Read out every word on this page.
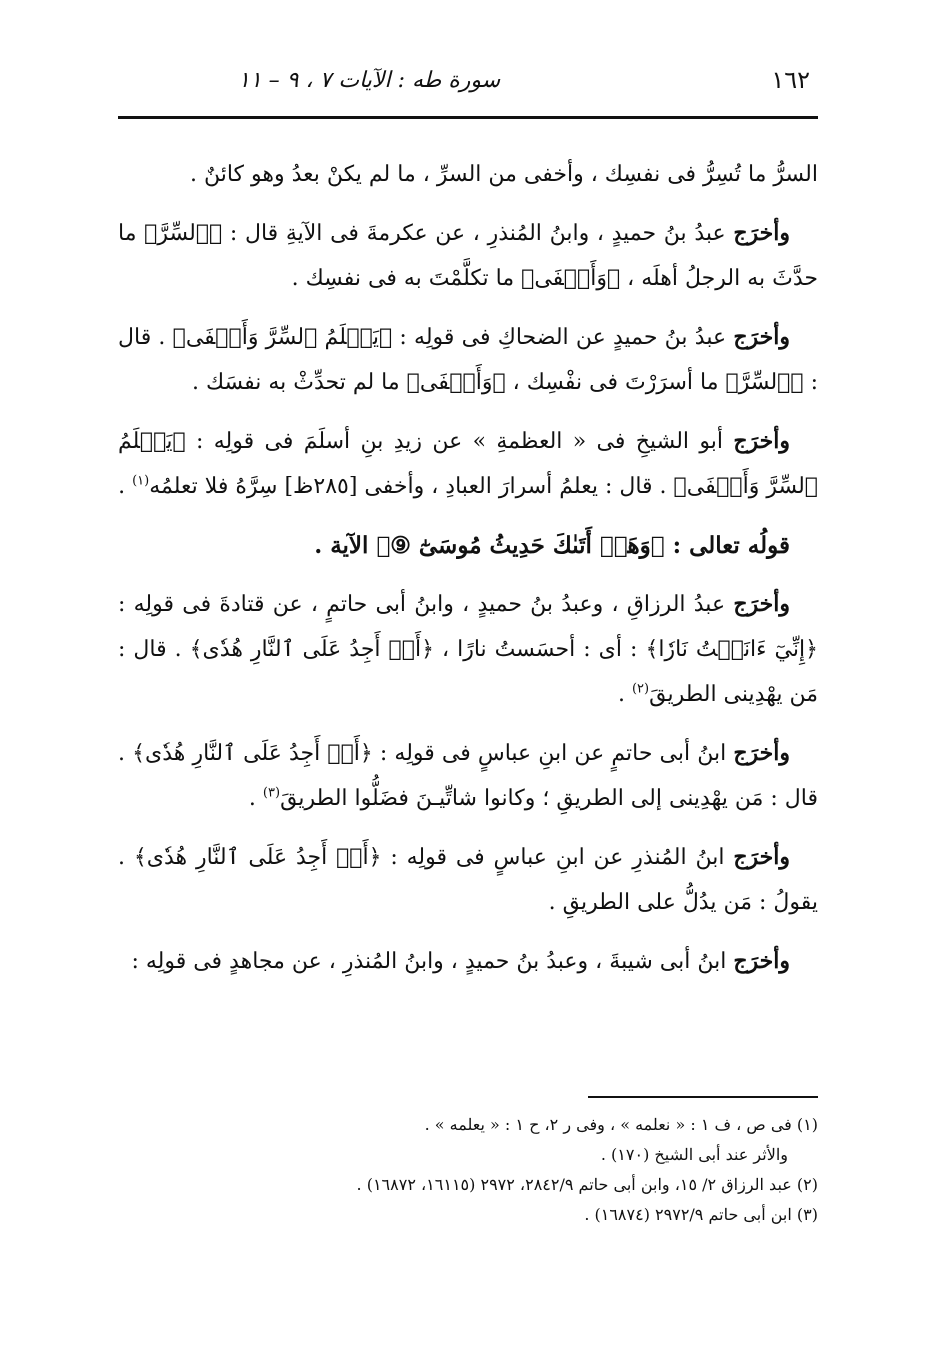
١٦٢
سورة طه : الآيات ٧ ، ٩ – ١١

السرُّ ما تُسِرُّ فى نفسِك ، وأخفى من السرِّ ، ما لم يكنْ بعدُ وهو كائنٌ .

وأخرَج عبدُ بنُ حميدٍ ، وابنُ المُنذرِ ، عن عكرمةَ فى الآيةِ قال : ﴿ٱلسِّرَّ﴾ ما حدَّثَ به الرجلُ أهلَه ، ﴿وَأَخۡفَى﴾ ما تكلَّمْتَ به فى نفسِك .

وأخرَج عبدُ بنُ حميدٍ عن الضحاكِ فى قولِه : ﴿يَعۡلَمُ ٱلسِّرَّ وَأَخۡفَى﴾ . قال : ﴿ٱلسِّرَّ﴾ ما أسرَرْتَ فى نفْسِك ، ﴿وَأَخۡفَى﴾ ما لم تحدِّثْ به نفسَك .

وأخرَج أبو الشيخِ فى « العظمةِ » عن زيدِ بنِ أسلَمَ فى قولِه : ﴿يَعۡلَمُ ٱلسِّرَّ وَأَخۡفَى﴾ . قال : يعلمُ أسرارَ العبادِ ، وأخفى [٢٨٥ظ] سِرَّهُ فلا تعلمُه$^{(١)}$ .

قولُه تعالى : ﴿وَهَلۡ أَتَىٰكَ حَدِيثُ مُوسَىٰٓ ⑨﴾ الآية .

وأخرَج عبدُ الرزاقِ ، وعبدُ بنُ حميدٍ ، وابنُ أبى حاتمٍ ، عن قتادةَ فى قولِه : ﴿إِنِّيٓ ءَانَسۡتُ نَارٗا﴾ : أى : أحسَستُ نارًا ، ﴿أَوۡ أَجِدُ عَلَى ٱلنَّارِ هُدٗى﴾ . قال : مَن يهْدِينى الطريقَ$^{(٢)}$ .

وأخرَج ابنُ أبى حاتمٍ عن ابنِ عباسٍ فى قولِه : ﴿أَوۡ أَجِدُ عَلَى ٱلنَّارِ هُدٗى﴾ . قال : مَن يهْدِينى إلى الطريقِ ؛ وكانوا شاتِّيـنَ فضَلُّوا الطريقَ$^{(٣)}$ .

وأخرَج ابنُ المُنذرِ عن ابنِ عباسٍ فى قولِه : ﴿أَوۡ أَجِدُ عَلَى ٱلنَّارِ هُدٗى﴾ . يقولُ : مَن يدُلُّ على الطريقِ .

وأخرَج ابنُ أبى شيبةَ ، وعبدُ بنُ حميدٍ ، وابنُ المُنذرِ ، عن مجاهدٍ فى قولِه :

(١) فى ص ، ف ١ : « نعلمه » ، وفى ر ٢، ح ١ : « يعلمه » .

والأثر عند أبى الشيخ (١٧٠) .

(٢) عبد الرزاق ٢/ ١٥، وابن أبى حاتم ٢٨٤٢/٩، ٢٩٧٢ (١٦١١٥، ١٦٨٧٢) .

(٣) ابن أبى حاتم ٢٩٧٢/٩ (١٦٨٧٤) .
